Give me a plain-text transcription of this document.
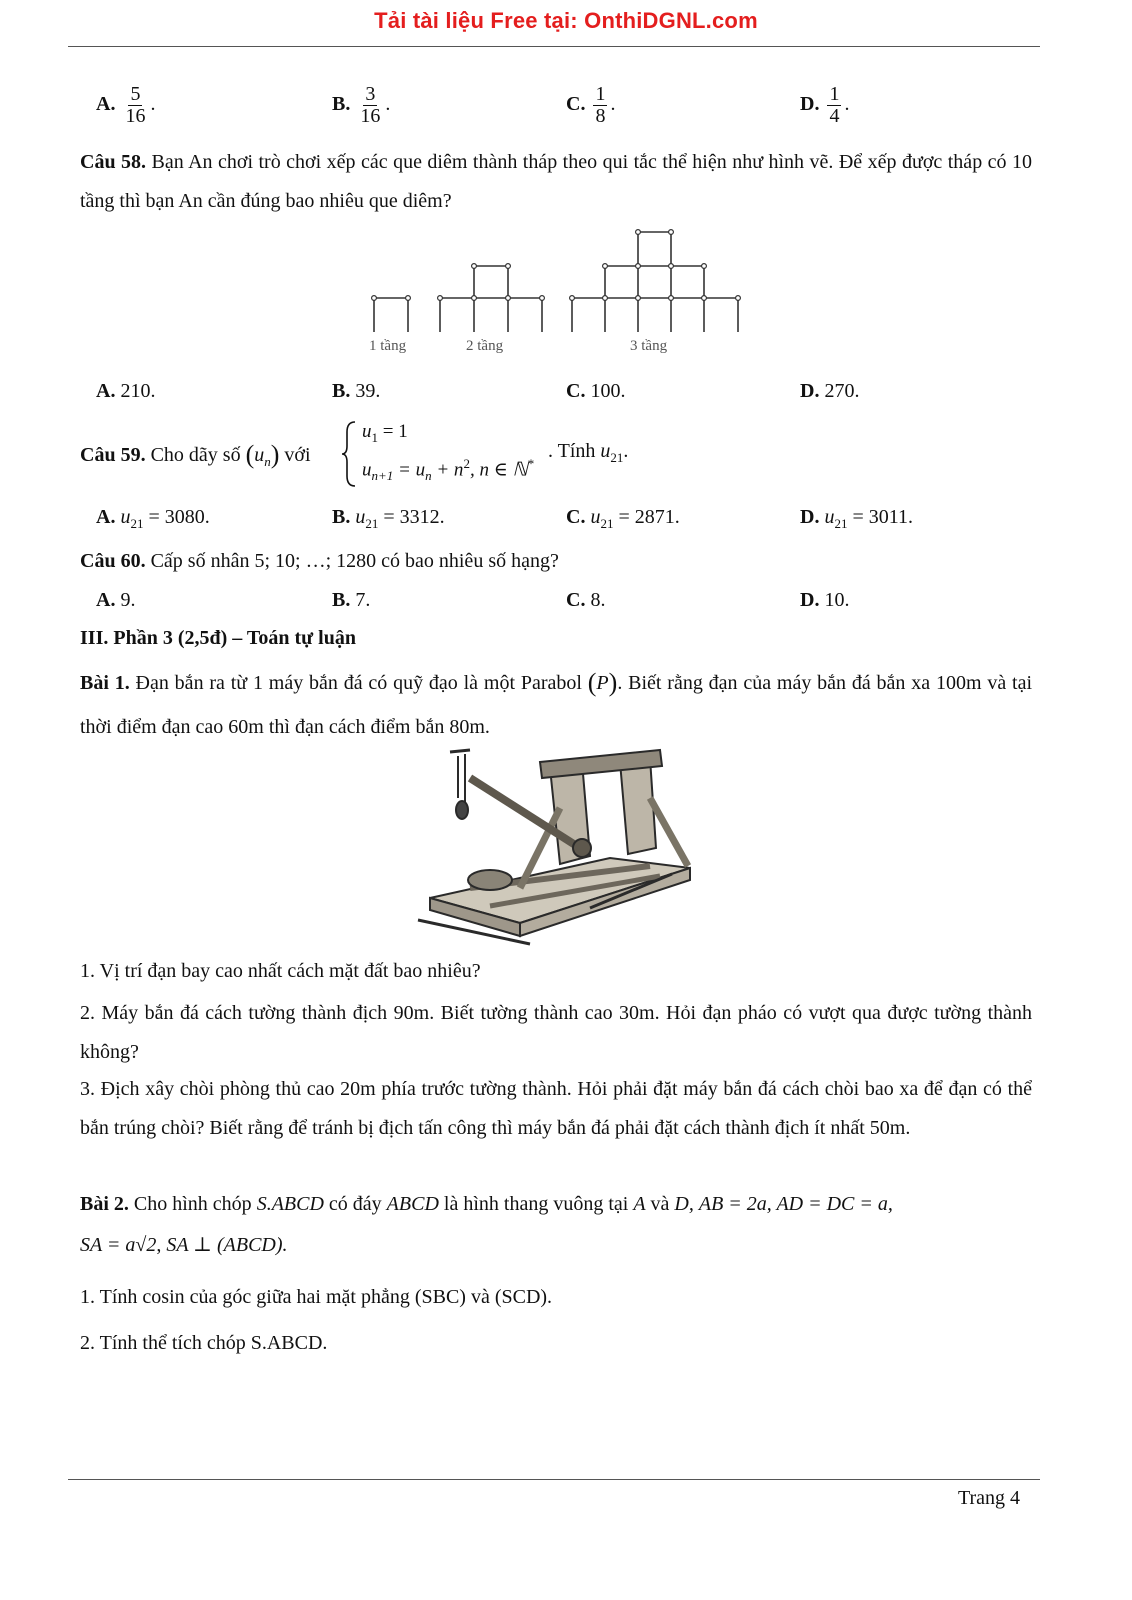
Tải tài liệu Free tại: OnthiDGNL.com
A. $\frac{5}{16}$ .	B. $\frac{3}{16}$ .	C. $\frac{1}{8}$ .	D. $\frac{1}{4}$ .
Câu 58. Bạn An chơi trò chơi xếp các que diêm thành tháp theo qui tắc thể hiện như hình vẽ. Để xếp được tháp có 10 tầng thì bạn An cần đúng bao nhiêu que diêm?
1 tầng	2 tầng	3 tầng
A. 210.	B. 39.	C. 100.	D. 270.
Câu 59. Cho dãy số $(u_n)$ với
$u_1 = 1$
$u_{n+1} = u_n + n^2$, n ∈ ℕ*
. Tính $u_{21}$.
A. $u_{21} = 3080$.	B. $u_{21} = 3312$.	C. $u_{21} = 2871$.	D. $u_{21} = 3011$.
Câu 60. Cấp số nhân 5; 10; …; 1280 có bao nhiêu số hạng?
A. 9.	B. 7.	C. 8.	D. 10.
III. Phần 3 (2,5đ) – Toán tự luận
Bài 1. Đạn bắn ra từ 1 máy bắn đá có quỹ đạo là một Parabol (P). Biết rằng đạn của máy bắn đá bắn xa 100m và tại thời điểm đạn cao 60m thì đạn cách điểm bắn 80m.
1. Vị trí đạn bay cao nhất cách mặt đất bao nhiêu?
2. Máy bắn đá cách tường thành địch 90m. Biết tường thành cao 30m. Hỏi đạn pháo có vượt qua được tường thành không?
3. Địch xây chòi phòng thủ cao 20m phía trước tường thành. Hỏi phải đặt máy bắn đá cách chòi bao xa để đạn có thể bắn trúng chòi? Biết rằng để tránh bị địch tấn công thì máy bắn đá phải đặt cách thành địch ít nhất 50m.
Bài 2. Cho hình chóp S.ABCD có đáy ABCD là hình thang vuông tại A và D, AB = 2a, AD = DC = a,
SA = a√2, SA ⊥ (ABCD).
1. Tính cosin của góc giữa hai mặt phẳng (SBC) và (SCD).
2. Tính thể tích chóp S.ABCD.
Trang 4
